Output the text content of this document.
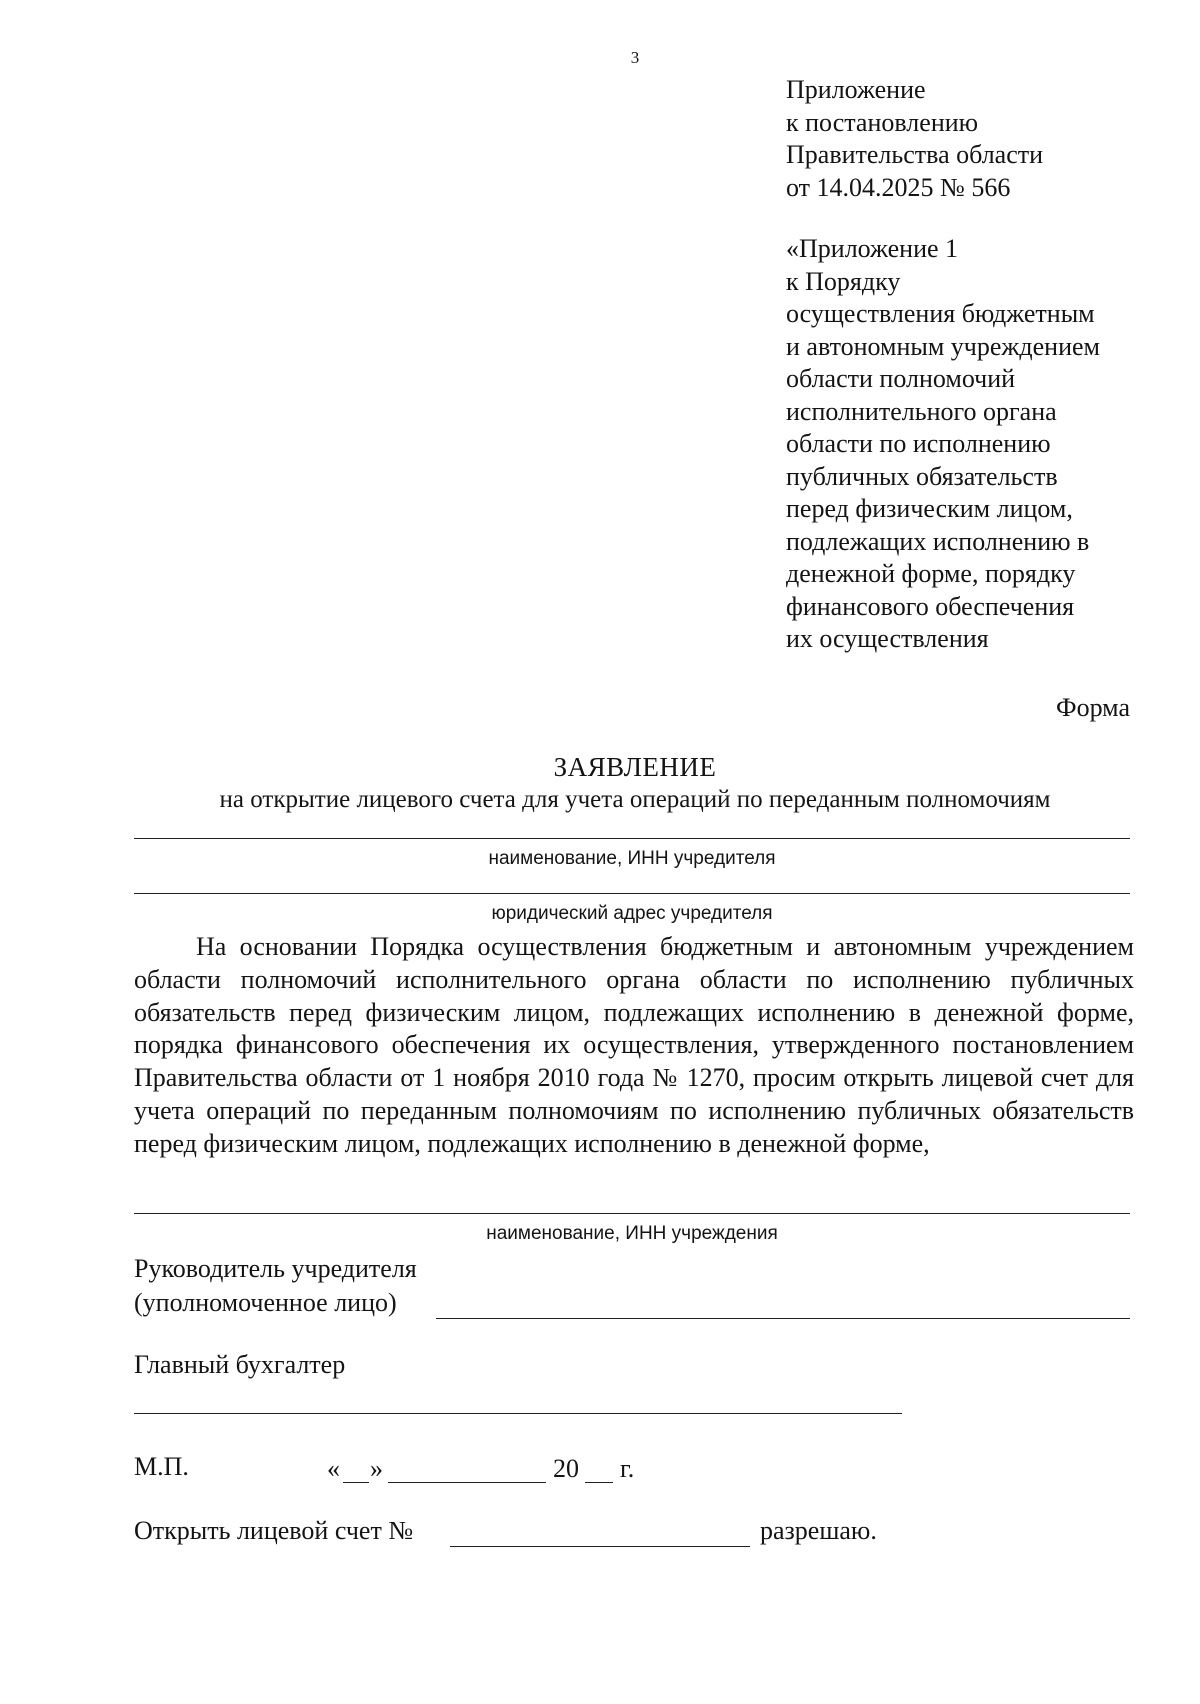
3
Приложение
к постановлению
Правительства области
от 14.04.2025 № 566
«Приложение 1
к Порядку
осуществления бюджетным
и автономным учреждением
области полномочий
исполнительного органа
области по исполнению
публичных обязательств
перед физическим лицом,
подлежащих исполнению в
денежной форме, порядку
финансового обеспечения
их осуществления
Форма
ЗАЯВЛЕНИЕ
на открытие лицевого счета для учета операций по переданным полномочиям
наименование, ИНН учредителя
юридический адрес учредителя
На основании Порядка осуществления бюджетным и автономным учреждением области полномочий исполнительного органа области по исполнению публичных обязательств перед физическим лицом, подлежащих исполнению в денежной форме, порядка финансового обеспечения их осуществления, утвержденного постановлением Правительства области от 1 ноября 2010 года № 1270, просим открыть лицевой счет для учета операций по переданным полномочиям по исполнению публичных обязательств перед физическим лицом, подлежащих исполнению в денежной форме,
наименование, ИНН учреждения
Руководитель учредителя
(уполномоченное лицо)
Главный бухгалтер
М.П.	« »	20 г.
Открыть лицевой счет №	разрешаю.
